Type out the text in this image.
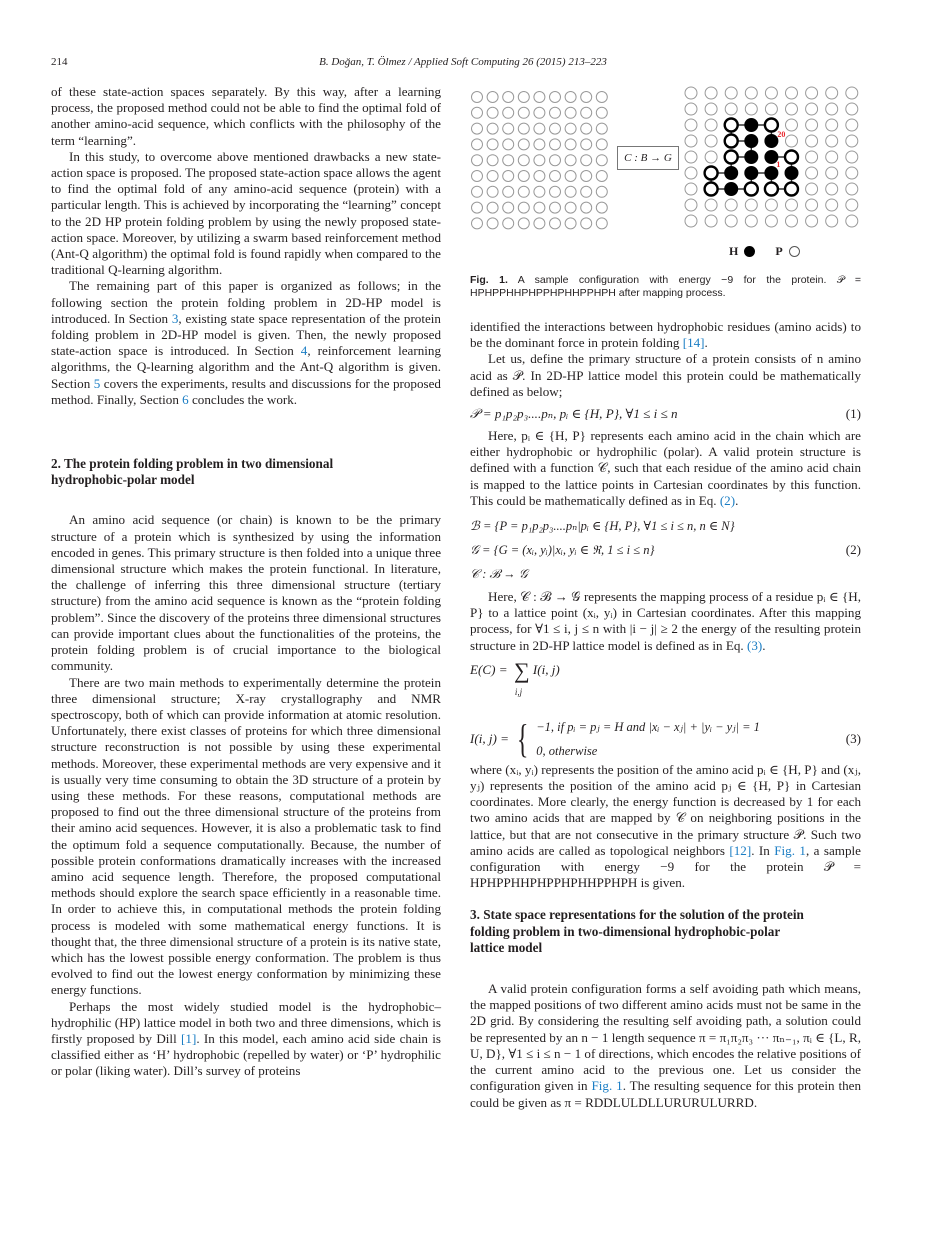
214	B. Doğan, T. Ölmez / Applied Soft Computing 26 (2015) 213–223

of these state-action spaces separately. By this way, after a learning process, the proposed method could not be able to find the optimal fold of another amino-acid sequence, which conflicts with the philosophy of the term “learning”.

In this study, to overcome above mentioned drawbacks a new state-action space is proposed. The proposed state-action space allows the agent to find the optimal fold of any amino-acid sequence (protein) with a particular length. This is achieved by incorporating the “learning” concept to the 2D HP protein folding problem by using the newly proposed state-action space. Moreover, by utilizing a swarm based reinforcement method (Ant-Q algorithm) the optimal fold is found rapidly when compared to the traditional Q-learning algorithm.

The remaining part of this paper is organized as follows; in the following section the protein folding problem in 2D-HP model is introduced. In Section 3, existing state space representation of the protein folding problem in 2D-HP model is given. Then, the newly proposed state-action space is introduced. In Section 4, reinforcement learning algorithms, the Q-learning algorithm and the Ant-Q algorithm is given. Section 5 covers the experiments, results and discussions for the proposed method. Finally, Section 6 concludes the work.

2. The protein folding problem in two dimensional hydrophobic-polar model

An amino acid sequence (or chain) is known to be the primary structure of a protein which is synthesized by using the information encoded in genes. This primary structure is then folded into a unique three dimensional structure which makes the protein functional. In literature, the challenge of inferring this three dimensional structure (tertiary structure) from the amino acid sequence is known as the “protein folding problem”. Since the discovery of the proteins three dimensional structures can provide important clues about the functionalities of the proteins, the protein folding problem is of crucial importance to the biological community.

There are two main methods to experimentally determine the protein three dimensional structure; X-ray crystallography and NMR spectroscopy, both of which can provide information at atomic resolution. Unfortunately, there exist classes of proteins for which three dimensional structure reconstruction is not possible by using these experimental methods. Moreover, these experimental methods are very expensive and it is usually very time consuming to obtain the 3D structure of a protein by using these methods. For these reasons, computational methods are proposed to find out the three dimensional structure of the proteins from their amino acid sequences. However, it is also a problematic task to find the optimum fold a sequence computationally. Because, the number of possible protein conformations dramatically increases with the increased amino acid sequence length. Therefore, the proposed computational methods should explore the search space efficiently in a reasonable time. In order to achieve this, in computational methods the protein folding process is modeled with some mathematical energy functions. It is thought that, the three dimensional structure of a protein is its native state, which has the lowest possible energy conformation. The problem is thus evolved to find out the lowest energy conformation by minimizing these energy functions.

Perhaps the most widely studied model is the hydrophobic–hydrophilic (HP) lattice model in both two and three dimensions, which is firstly proposed by Dill [1]. In this model, each amino acid side chain is classified either as ‘H’ hydrophobic (repelled by water) or ‘P’ hydrophilic or polar (liking water). Dill’s survey of proteins

1
20
C : B → G
H	P
Fig. 1. A sample configuration with energy −9 for the protein. 𝒫 = HPHPPHHPHPPHPHHPPHPH after mapping process.

identified the interactions between hydrophobic residues (amino acids) to be the dominant force in protein folding [14].

Let us, define the primary structure of a protein consists of n amino acid as 𝒫. In 2D-HP lattice model this protein could be mathematically defined as below;

𝒫 = p₁p₂p₃....pₙ, pᵢ ∈ {H, P}, ∀1 ≤ i ≤ n	(1)

Here, pᵢ ∈ {H, P} represents each amino acid in the chain which are either hydrophobic or hydrophilic (polar). A valid protein structure is defined with a function 𝒞, such that each residue of the amino acid chain is mapped to the lattice points in Cartesian coordinates by this function. This could be mathematically defined as in Eq. (2).

ℬ = {P = p₁p₂p₃....pₙ|pᵢ ∈ {H, P}, ∀1 ≤ i ≤ n, n ∈ N}
𝒢 = {G = (xᵢ, yᵢ)|xᵢ, yᵢ ∈ ℜ, 1 ≤ i ≤ n}	(2)
𝒞 : ℬ → 𝒢

Here, 𝒞 : ℬ → 𝒢 represents the mapping process of a residue pᵢ ∈ {H, P} to a lattice point (xᵢ, yᵢ) in Cartesian coordinates. After this mapping process, for ∀1 ≤ i, j ≤ n with |i − j| ≥ 2 the energy of the resulting protein structure in 2D-HP lattice model is defined as in Eq. (3).

E(C) = ∑
i,j
I(i, j)
I(i, j) = { −1, if pᵢ = pⱼ = H and |xᵢ − xⱼ| + |yᵢ − yⱼ| = 1
0, otherwise
(3)

where (xᵢ, yᵢ) represents the position of the amino acid pᵢ ∈ {H, P} and (xⱼ, yⱼ) represents the position of the amino acid pⱼ ∈ {H, P} in Cartesian coordinates. More clearly, the energy function is decreased by 1 for each two amino acids that are mapped by 𝒞 on neighboring positions in the lattice, but that are not consecutive in the primary structure 𝒫. Such two amino acids are called as topological neighbors [12]. In Fig. 1, a sample configuration with energy −9 for the protein 𝒫 = HPHPPHHPHPPHPHHPPHPH is given.

3. State space representations for the solution of the protein folding problem in two-dimensional hydrophobic-polar lattice model

A valid protein configuration forms a self avoiding path which means, the mapped positions of two different amino acids must not be same in the 2D grid. By considering the resulting self avoiding path, a solution could be represented by an n − 1 length sequence π = π₁π₂π₃ ··· πₙ₋₁, πᵢ ∈ {L, R, U, D}, ∀1 ≤ i ≤ n − 1 of directions, which encodes the relative positions of the current amino acid to the previous one. Let us consider the configuration given in Fig. 1. The resulting sequence for this protein then could be given as π = RDDLULDLLURURULURRD.
